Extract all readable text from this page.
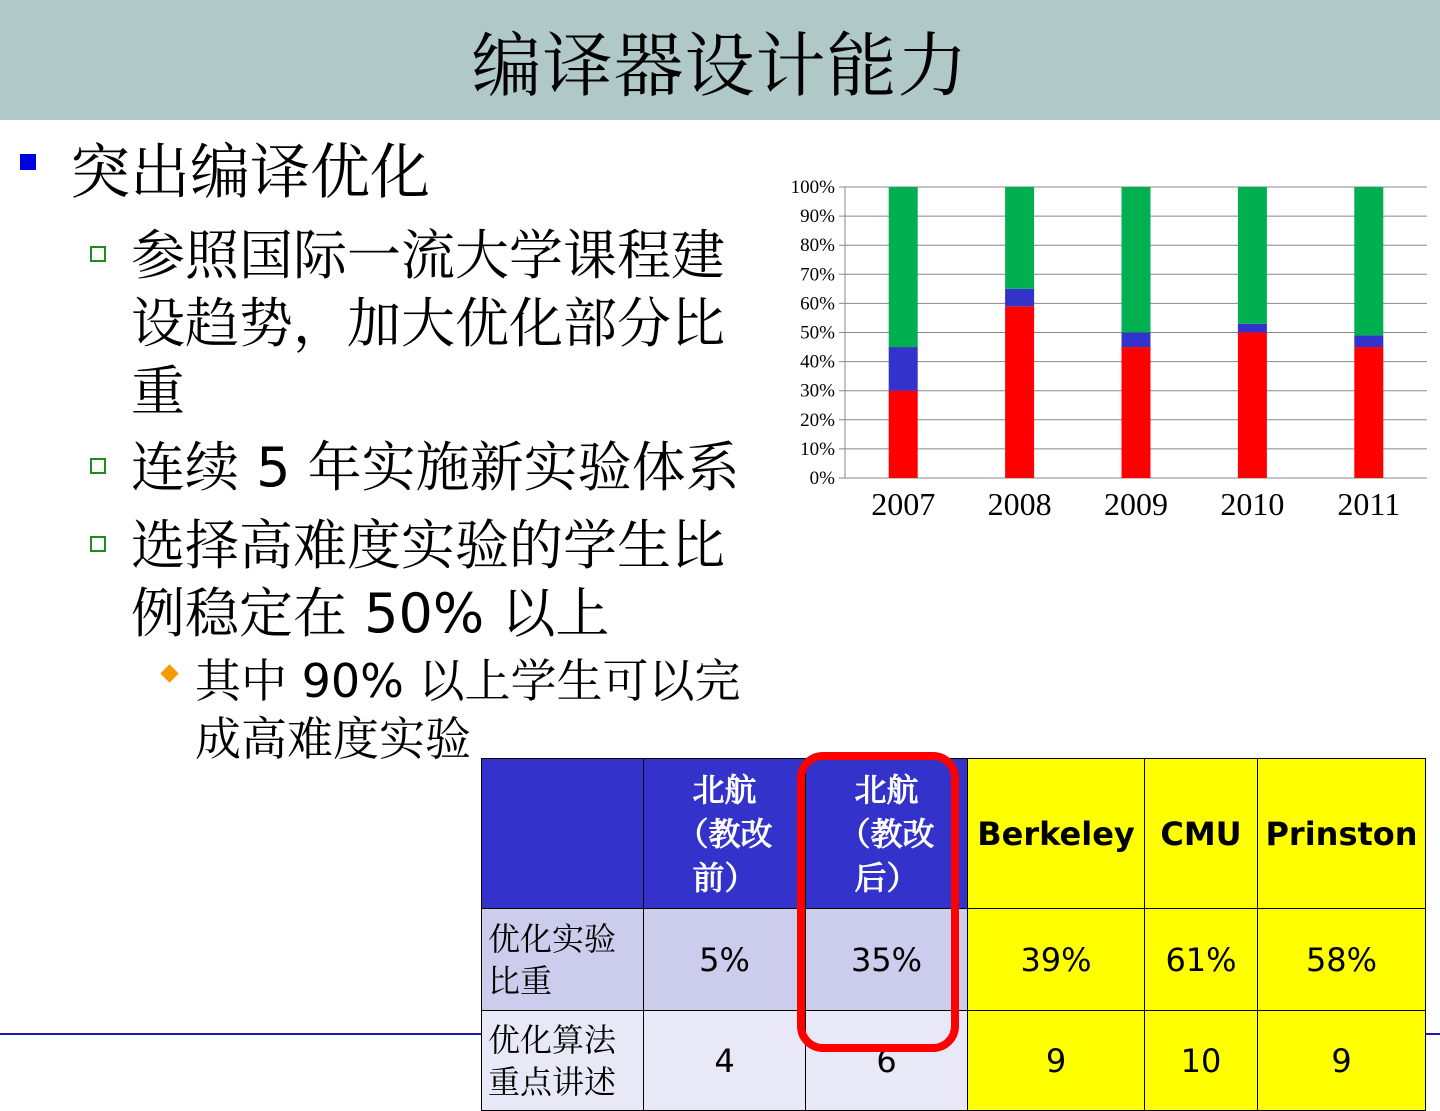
编译器设计能力
突出编译优化
参照国际一流大学课程建设趋势，加大优化部分比重
连续 5 年实施新实验体系
选择高难度实验的学生比例稳定在 50% 以上
其中 90% 以上学生可以完成高难度实验
0%
10%
20%
30%
40%
50%
60%
70%
80%
90%
100%
2007 2008 2009 2010 2011

	北航（教改前）	北航（教改后）	Berkeley	CMU	Prinston
优化实验比重	5%	35%	39%	61%	58%
优化算法重点讲述	4	6	9	10	9
